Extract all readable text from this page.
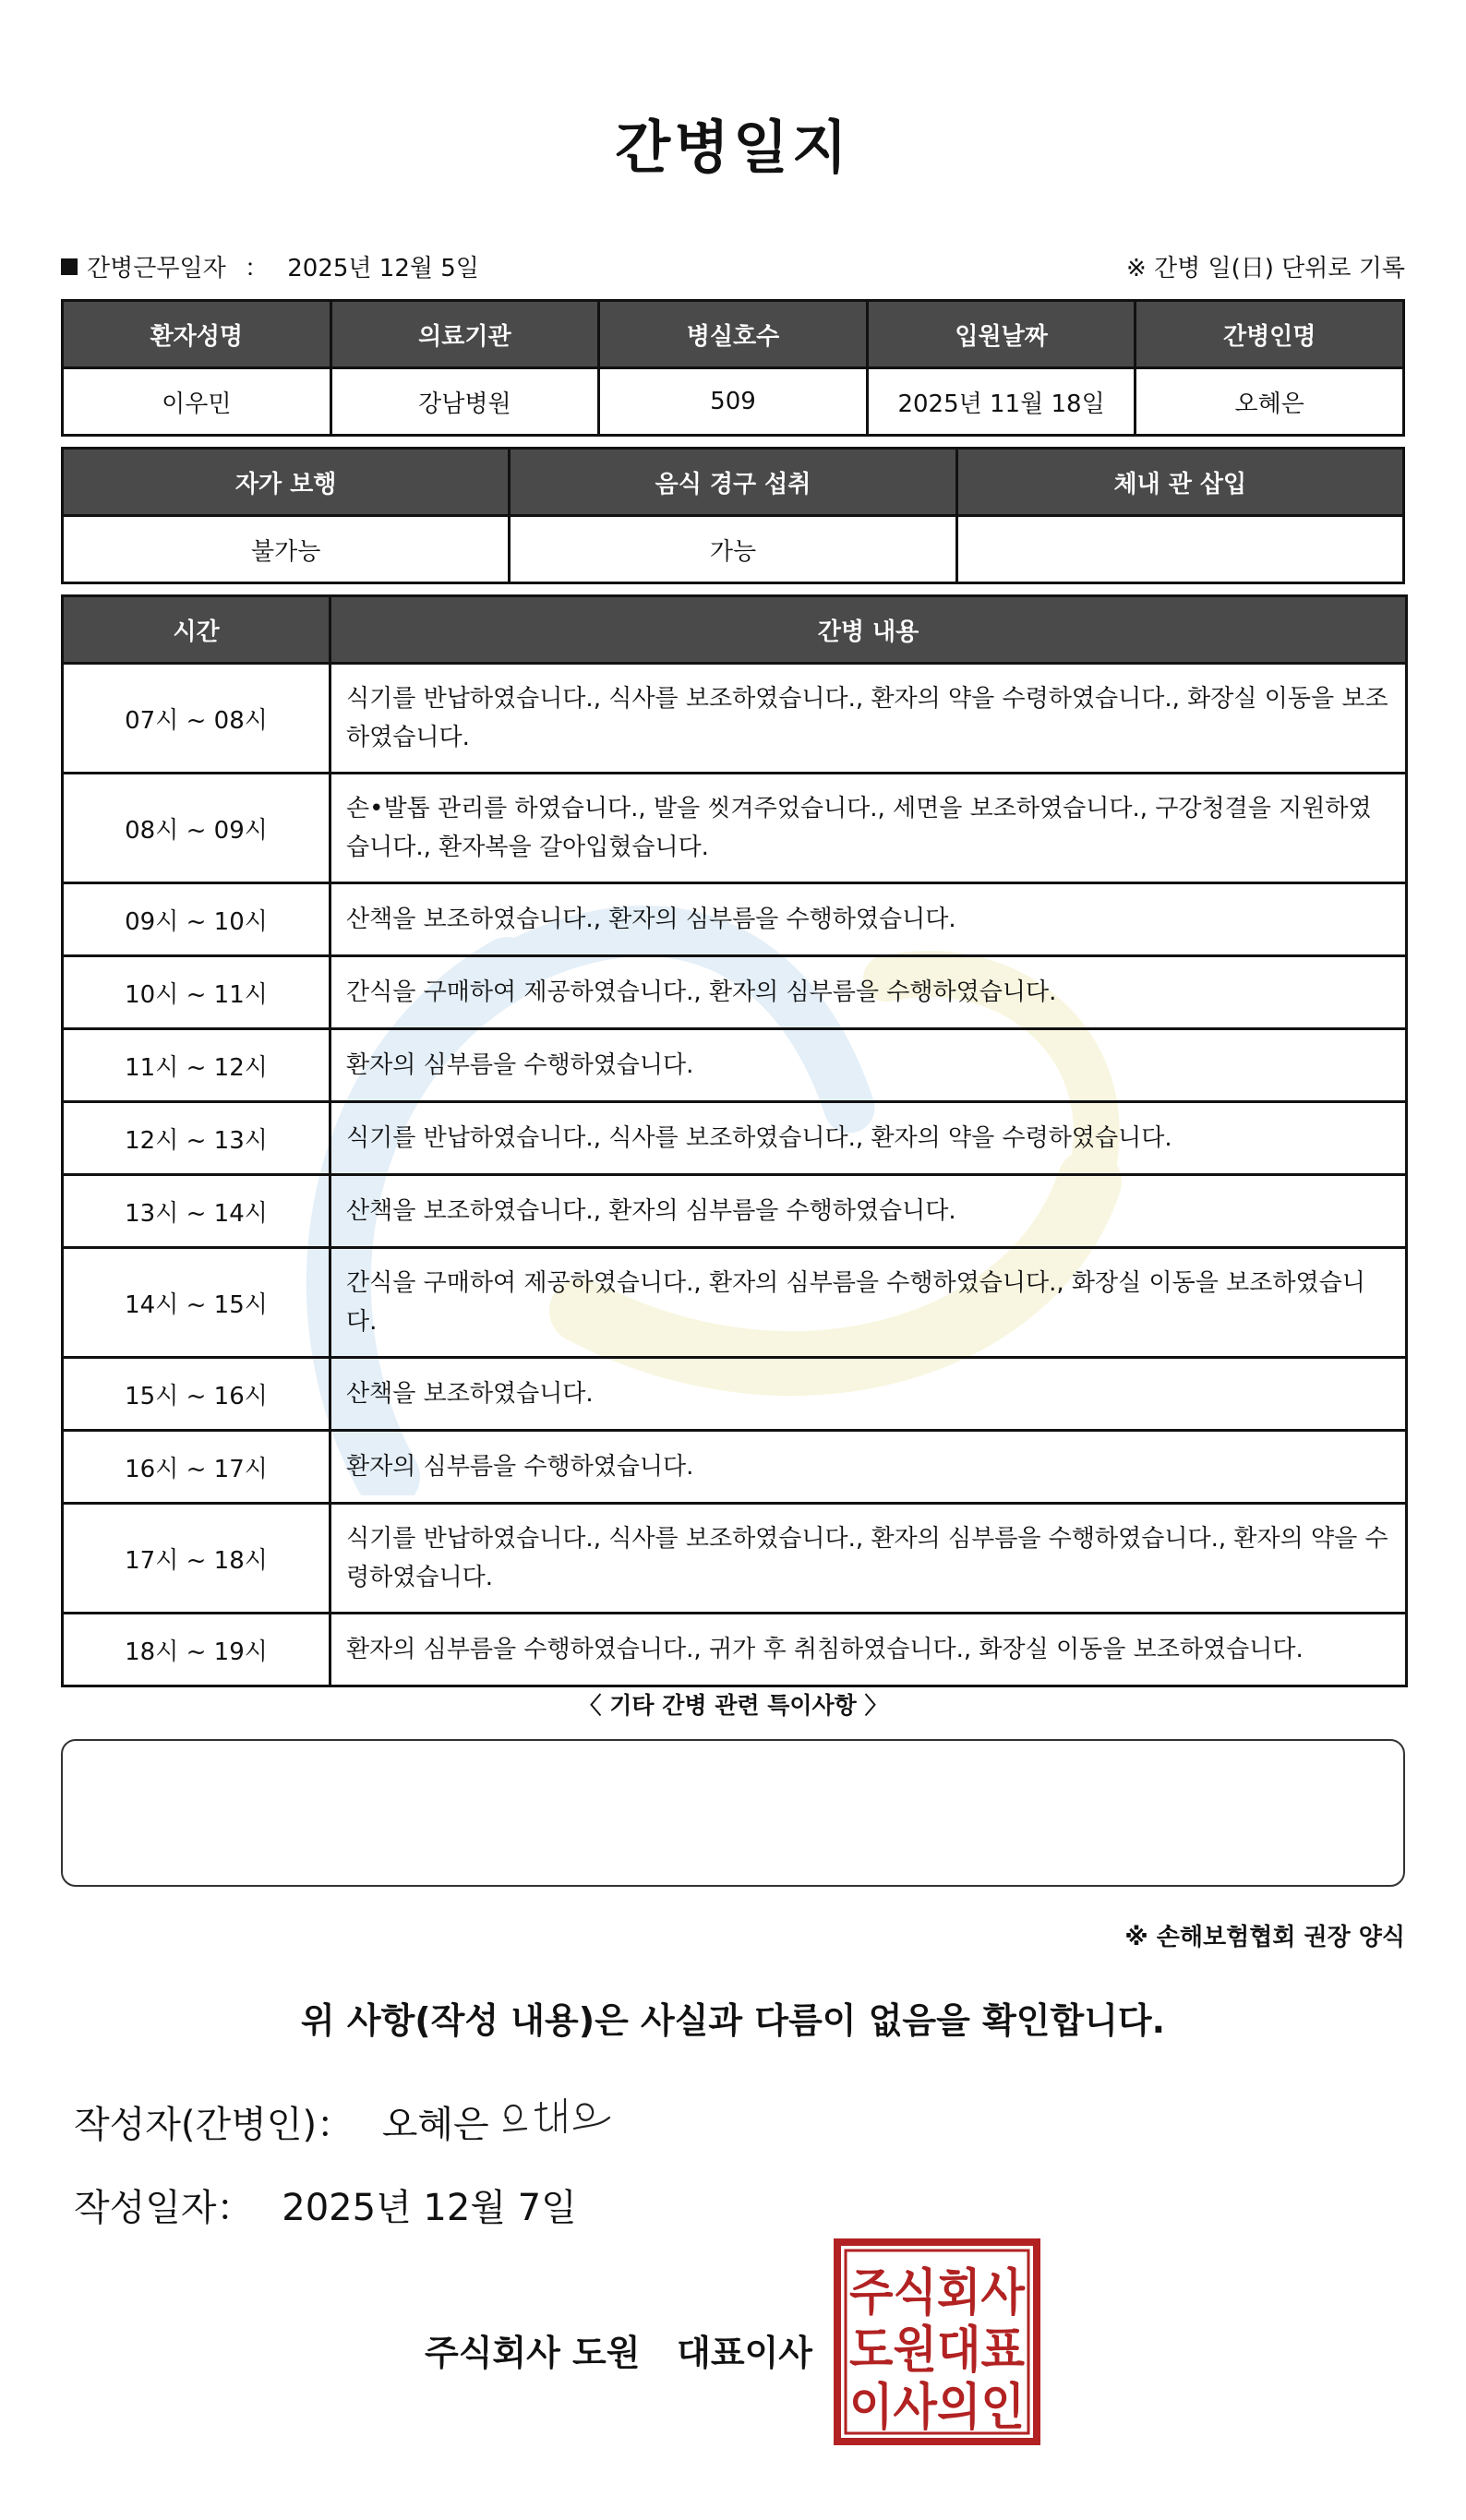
간병일지
간병근무일자 ： 2025년 12월 5일	※ 간병 일(日) 단위로 기록
환자성명	의료기관	병실호수	입원날짜	간병인명
이우민	강남병원	509	2025년 11월 18일	오혜은
자가 보행	음식 경구 섭취	체내 관 삽입
불가능	가능	
시간	간병 내용
07시 ~ 08시	식기를 반납하였습니다., 식사를 보조하였습니다., 환자의 약을 수령하였습니다., 화장실 이동을 보조하였습니다.
08시 ~ 09시	손•발톱 관리를 하였습니다., 발을 씻겨주었습니다., 세면을 보조하였습니다., 구강청결을 지원하였습니다., 환자복을 갈아입혔습니다.
09시 ~ 10시	산책을 보조하였습니다., 환자의 심부름을 수행하였습니다.
10시 ~ 11시	간식을 구매하여 제공하였습니다., 환자의 심부름을 수행하였습니다.
11시 ~ 12시	환자의 심부름을 수행하였습니다.
12시 ~ 13시	식기를 반납하였습니다., 식사를 보조하였습니다., 환자의 약을 수령하였습니다.
13시 ~ 14시	산책을 보조하였습니다., 환자의 심부름을 수행하였습니다.
14시 ~ 15시	간식을 구매하여 제공하였습니다., 환자의 심부름을 수행하였습니다., 화장실 이동을 보조하였습니다.
15시 ~ 16시	산책을 보조하였습니다.
16시 ~ 17시	환자의 심부름을 수행하였습니다.
17시 ~ 18시	식기를 반납하였습니다., 식사를 보조하였습니다., 환자의 심부름을 수행하였습니다., 환자의 약을 수령하였습니다.
18시 ~ 19시	환자의 심부름을 수행하였습니다., 귀가 후 취침하였습니다., 화장실 이동을 보조하였습니다.
〈 기타 간병 관련 특이사항 〉
※ 손해보험협회 권장 양식
위 사항(작성 내용)은 사실과 다름이 없음을 확인합니다.
작성자(간병인)： 오혜은
작성일자： 2025년 12월 7일
주식회사 도원   대표이사
주식회사
도원대표
이사의인
